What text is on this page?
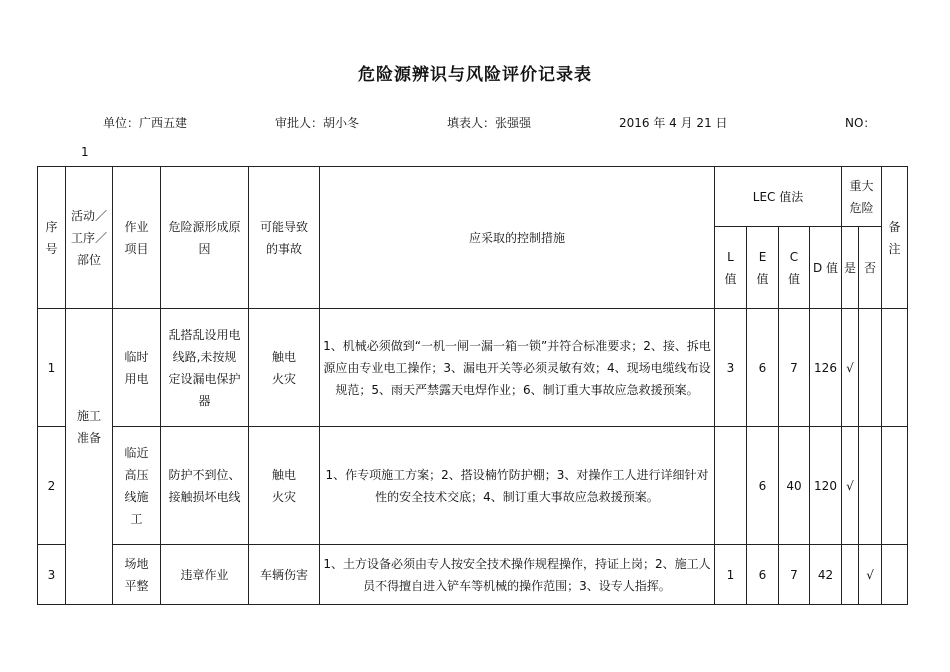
危险源辨识与风险评价记录表
单位：广西五建	审批人：胡小冬	填表人：张强强	2016 年 4 月 21 日	NO：
1
序号	活动／工序／部位	作业项目	危险源形成原　因	可能导致的事故	应采取的控制措施	LEC 值法				重大危险		备注
						L 值	E 值	C 值	D 值	是	否	
1	施工准备	临时用电	乱搭乱设用电线路,未按规定设漏电保护器	触电火灾	1、机械必须做到“一机一闸一漏一箱一锁”并符合标准要求；2、接、拆电源应由专业电工操作；3、漏电开关等必须灵敏有效；4、现场电缆线布设规范；5、雨天严禁露天电焊作业；6、制订重大事故应急救援预案。	3	6	7	126	√		
2		临近高压线施工	防护不到位、接触损坏电线	触电火灾	1、作专项施工方案；2、搭设楠竹防护棚；3、对操作工人进行详细针对性的安全技术交底；4、制订重大事故应急救援预案。		6	40	120	√		
3		场地平整	违章作业	车辆伤害	1、土方设备必须由专人按安全技术操作规程操作，持证上岗；2、施工人员不得擅自进入铲车等机械的操作范围；3、设专人指挥。	1	6	7	42		√	
